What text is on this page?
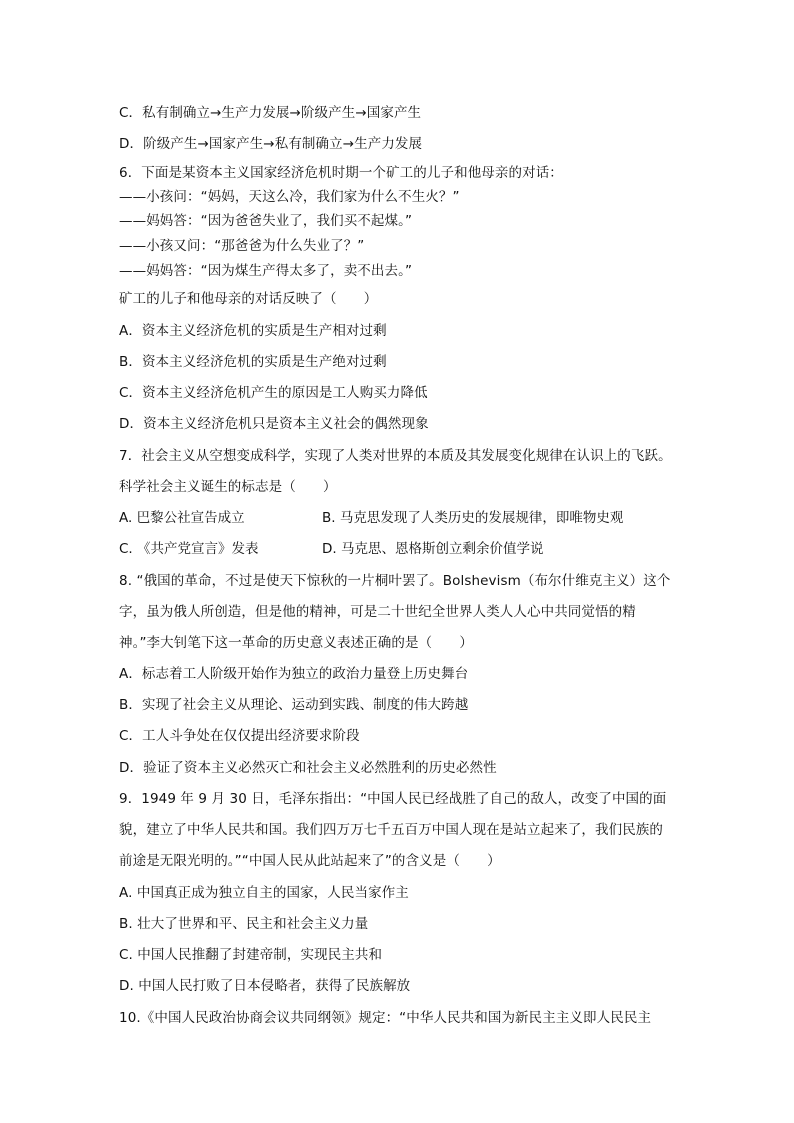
C．私有制确立→生产力发展→阶级产生→国家产生
D．阶级产生→国家产生→私有制确立→生产力发展
6．下面是某资本主义国家经济危机时期一个矿工的儿子和他母亲的对话：
——小孩问：“妈妈，天这么冷，我们家为什么不生火？”
——妈妈答：“因为爸爸失业了，我们买不起煤。”
——小孩又问：“那爸爸为什么失业了？”
——妈妈答：“因为煤生产得太多了，卖不出去。”
矿工的儿子和他母亲的对话反映了（　　）
A．资本主义经济危机的实质是生产相对过剩
B．资本主义经济危机的实质是生产绝对过剩
C．资本主义经济危机产生的原因是工人购买力降低
D．资本主义经济危机只是资本主义社会的偶然现象
7．社会主义从空想变成科学，实现了人类对世界的本质及其发展变化规律在认识上的飞跃。
科学社会主义诞生的标志是（　　）
A. 巴黎公社宣告成立	B. 马克思发现了人类历史的发展规律，即唯物史观
C. 《共产党宣言》发表	D. 马克思、恩格斯创立剩余价值学说
8. “俄国的革命，不过是使天下惊秋的一片桐叶罢了。Bolshevism（布尔什维克主义）这个
字，虽为俄人所创造，但是他的精神，可是二十世纪全世界人类人人心中共同觉悟的精
神。”李大钊笔下这一革命的历史意义表述正确的是（　　）
A．标志着工人阶级开始作为独立的政治力量登上历史舞台
B．实现了社会主义从理论、运动到实践、制度的伟大跨越
C．工人斗争处在仅仅提出经济要求阶段
D．验证了资本主义必然灭亡和社会主义必然胜利的历史必然性
9．1949 年 9 月 30 日，毛泽东指出：“中国人民已经战胜了自己的敌人，改变了中国的面
貌，建立了中华人民共和国。我们四万万七千五百万中国人现在是站立起来了，我们民族的
前途是无限光明的。”“中国人民从此站起来了”的含义是（　　）
A. 中国真正成为独立自主的国家，人民当家作主
B. 壮大了世界和平、民主和社会主义力量
C. 中国人民推翻了封建帝制，实现民主共和
D. 中国人民打败了日本侵略者，获得了民族解放
10.《中国人民政治协商会议共同纲领》规定：“中华人民共和国为新民主主义即人民民主
